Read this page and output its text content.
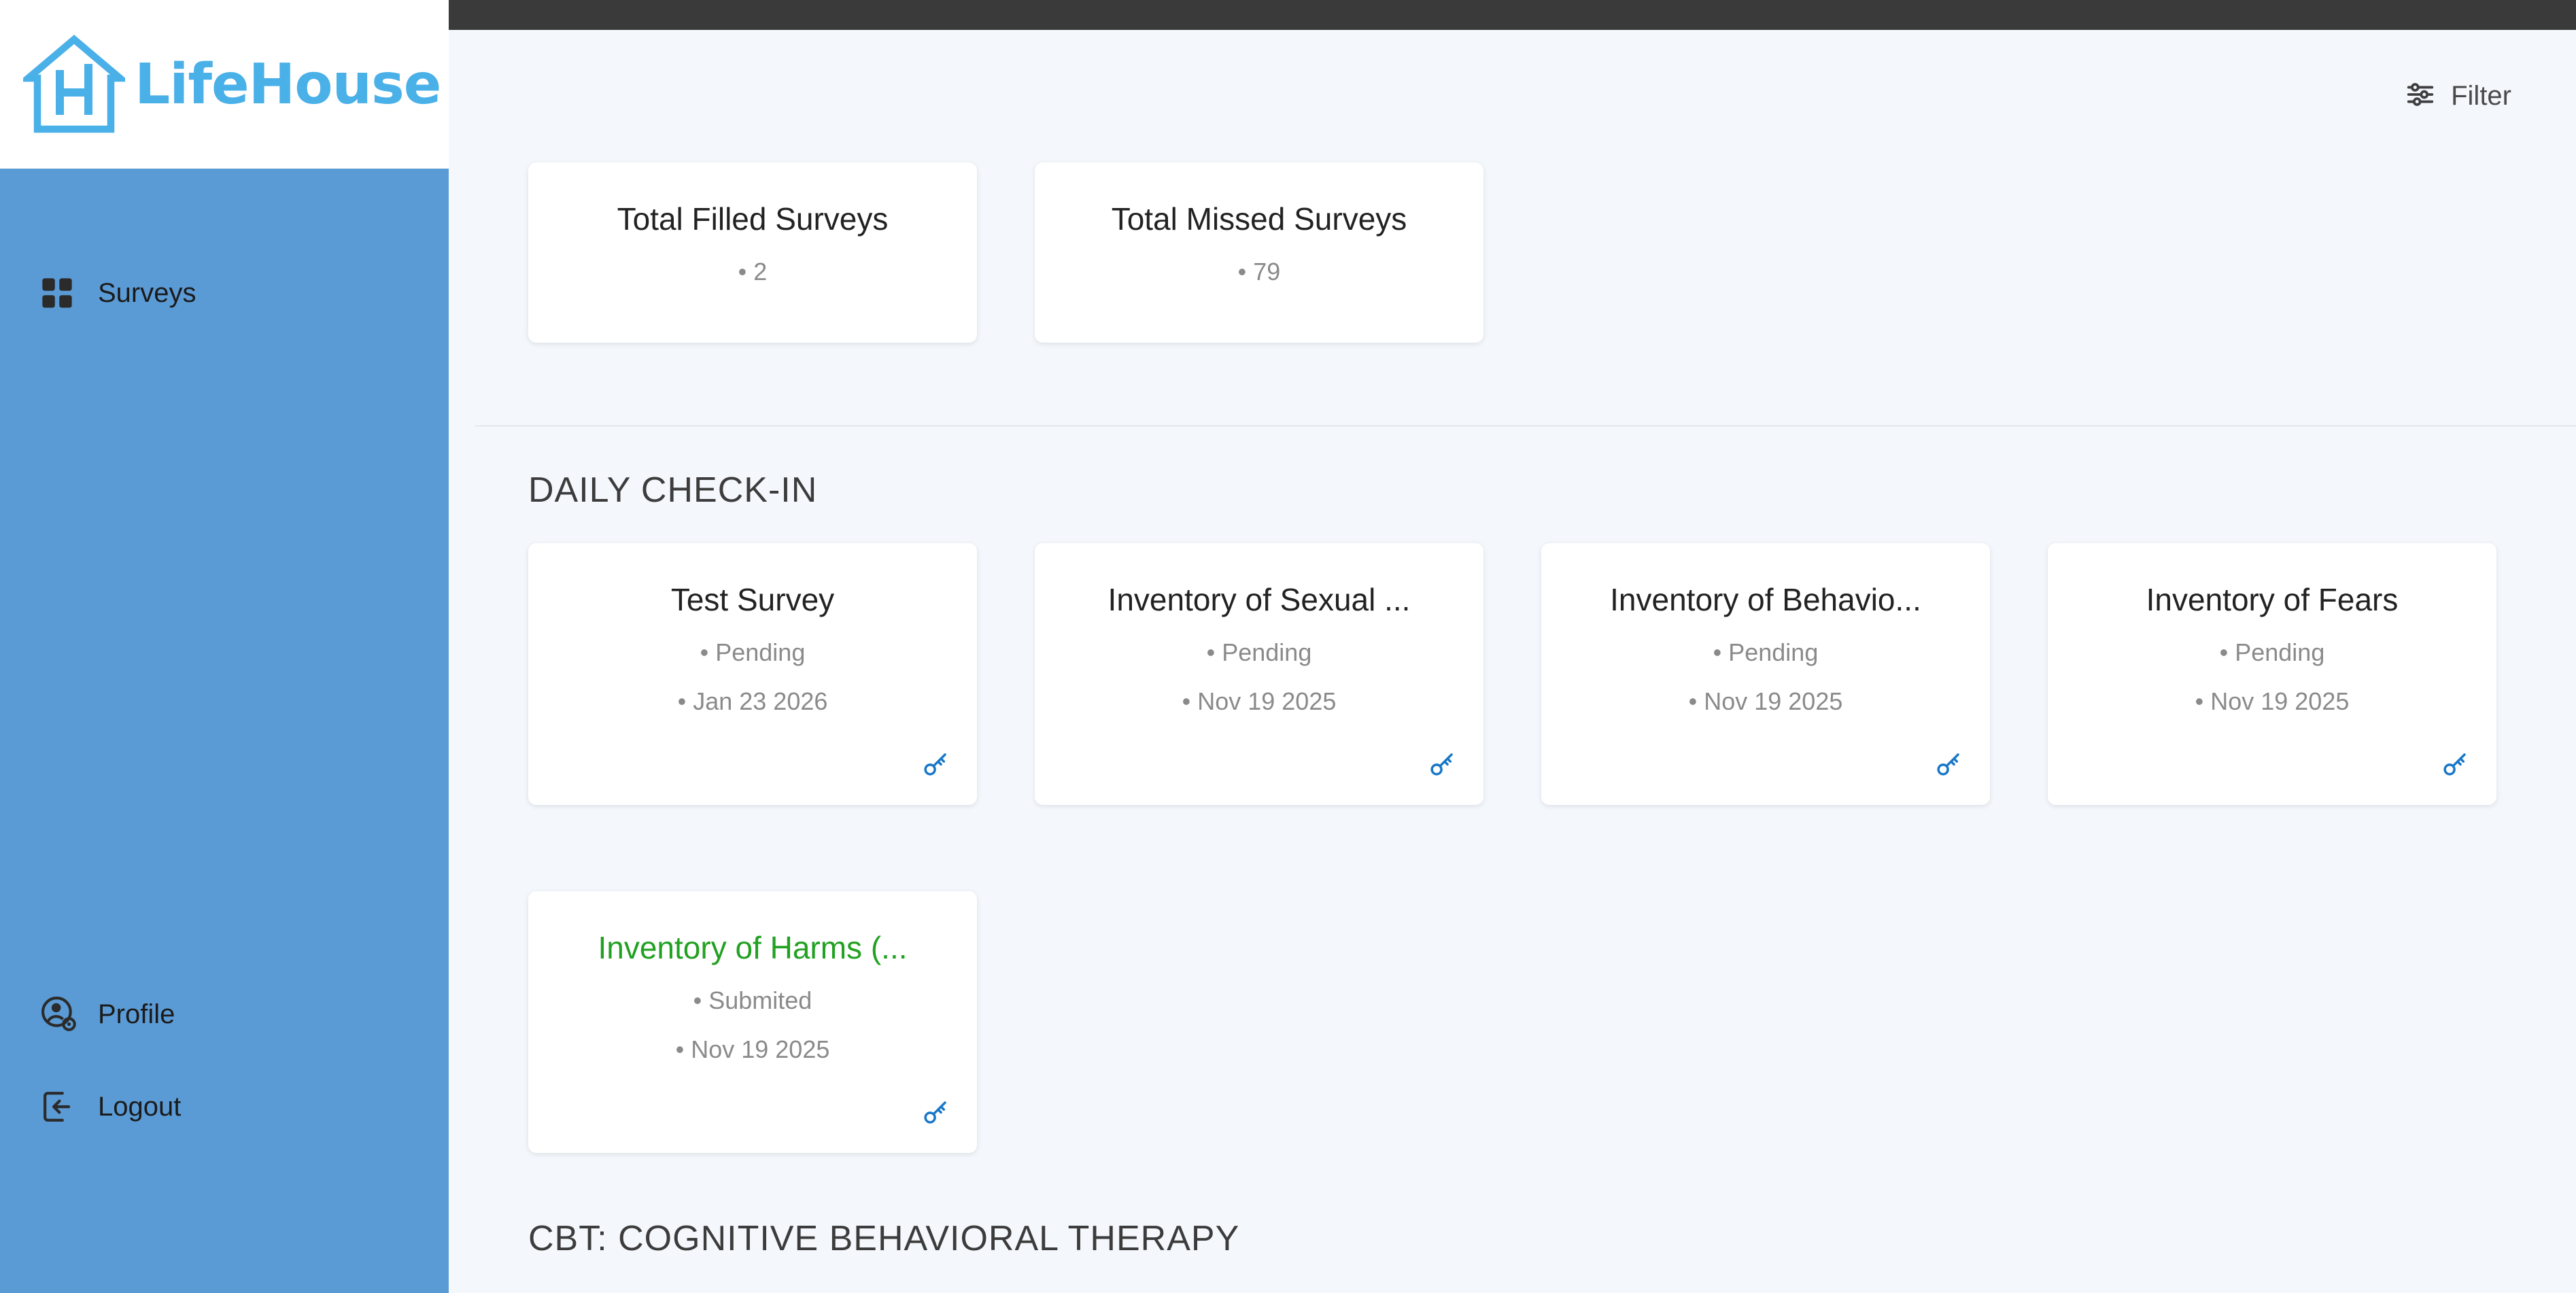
LifeHouse
Surveys
Profile
Logout
Filter
Total Filled Surveys
• 2
Total Missed Surveys
• 79
DAILY CHECK-IN
Test Survey
• Pending
• Jan 23 2026
Inventory of Sexual ...
• Pending
• Nov 19 2025
Inventory of Behavio...
• Pending
• Nov 19 2025
Inventory of Fears
• Pending
• Nov 19 2025
Inventory of Harms (...
• Submited
• Nov 19 2025
CBT: COGNITIVE BEHAVIORAL THERAPY
